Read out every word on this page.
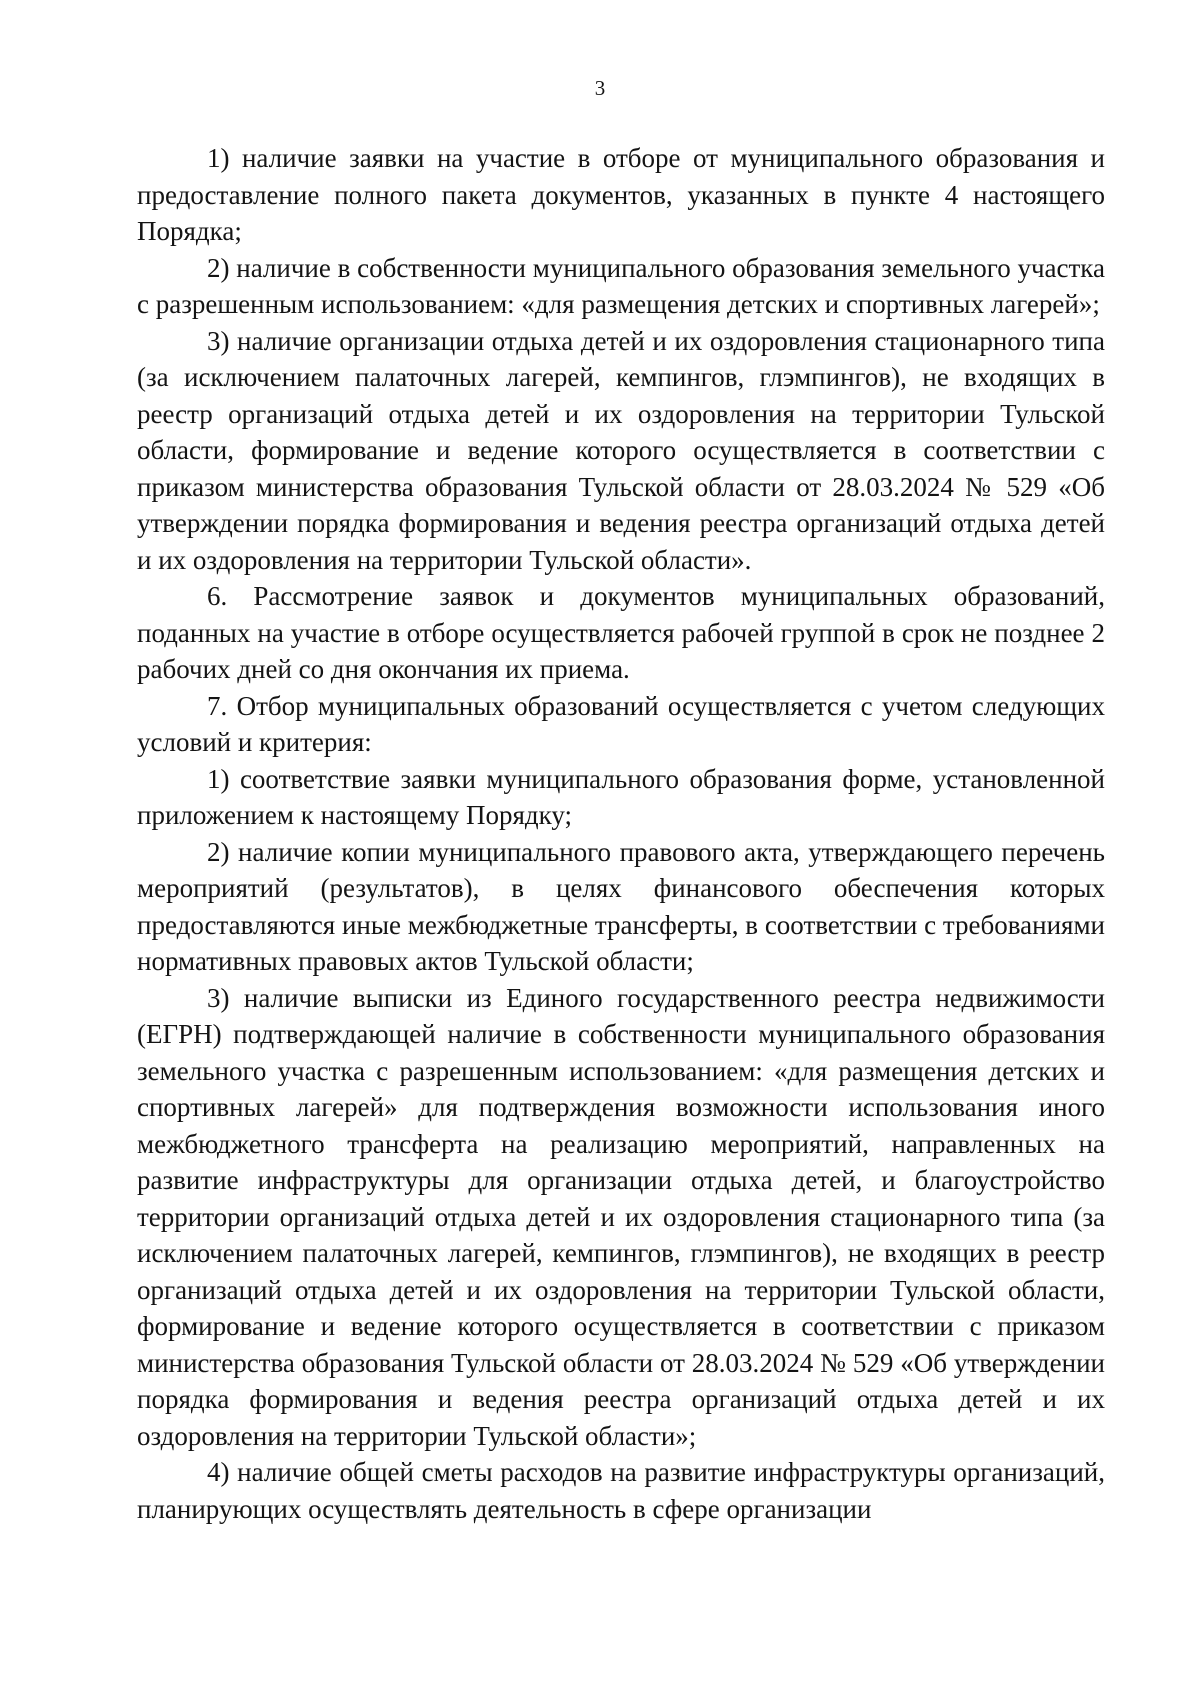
3

1) наличие заявки на участие в отборе от муниципального образования и предоставление полного пакета документов, указанных в пункте 4 настоящего Порядка;

2) наличие в собственности муниципального образования земельного участка с разрешенным использованием: «для размещения детских и спортивных лагерей»;

3) наличие организации отдыха детей и их оздоровления стационарного типа (за исключением палаточных лагерей, кемпингов, глэмпингов), не входящих в реестр организаций отдыха детей и их оздоровления на территории Тульской области, формирование и ведение которого осуществляется в соответствии с приказом министерства образования Тульской области от 28.03.2024 № 529 «Об утверждении порядка формирования и ведения реестра организаций отдыха детей и их оздоровления на территории Тульской области».

6. Рассмотрение заявок и документов муниципальных образований, поданных на участие в отборе осуществляется рабочей группой в срок не позднее 2 рабочих дней со дня окончания их приема.

7. Отбор муниципальных образований осуществляется с учетом следующих условий и критерия:

1) соответствие заявки муниципального образования форме, установленной приложением к настоящему Порядку;

2) наличие копии муниципального правового акта, утверждающего перечень мероприятий (результатов), в целях финансового обеспечения которых предоставляются иные межбюджетные трансферты, в соответствии с требованиями нормативных правовых актов Тульской области;

3) наличие выписки из Единого государственного реестра недвижимости (ЕГРН) подтверждающей наличие в собственности муниципального образования земельного участка с разрешенным использованием: «для размещения детских и спортивных лагерей» для подтверждения возможности использования иного межбюджетного трансферта на реализацию мероприятий, направленных на развитие инфраструктуры для организации отдыха детей, и благоустройство территории организаций отдыха детей и их оздоровления стационарного типа (за исключением палаточных лагерей, кемпингов, глэмпингов), не входящих в реестр организаций отдыха детей и их оздоровления на территории Тульской области, формирование и ведение которого осуществляется в соответствии с приказом министерства образования Тульской области от 28.03.2024 № 529 «Об утверждении порядка формирования и ведения реестра организаций отдыха детей и их оздоровления на территории Тульской области»;

4) наличие общей сметы расходов на развитие инфраструктуры организаций, планирующих осуществлять деятельность в сфере организации
